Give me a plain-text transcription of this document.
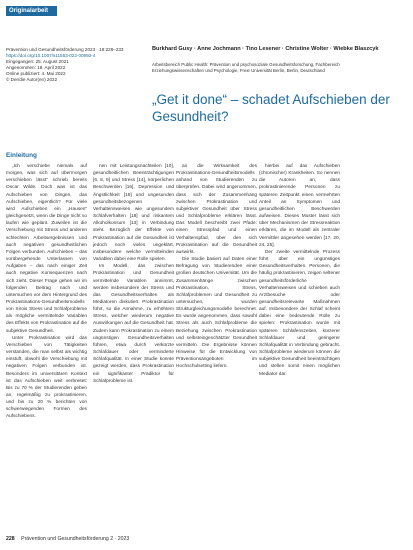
Originalarbeit
Prävention und Gesundheitsförderung 2023 · 18:228–233
https://doi.org/10.1007/s11553-022-00950-4
Eingegangen: 25. August 2021
Angenommen: 18. April 2022
Online publiziert: 4. Mai 2022
© Der/die Autor(en) 2022
Burkhard Gusy · Anne Jochmann · Tino Lesener · Christine Wolter · Wiebke Blaszcyk
Arbeitsbereich Public Health: Prävention und psychosoziale Gesundheitsforschung, Fachbereich Erziehungswissenschaften und Psychologie, Freie Universität Berlin, Berlin, Deutschland
„Get it done“ – schadet Aufschieben der Gesundheit?
Einleitung

„Ich verschiebe niemals auf morgen, was sich auf übermorgen verschieben lässt“ schrieb bereits Oscar Wilde. Doch was ist das Aufschieben von Dingen, das Aufschieben, eigentlich? Für viele wird Aufschieben ein „Hausen“ gleichgesetzt, wenn die Dinge nicht so laufen wie geplant. Zuweilen ist die Verschiebung mit Stress und anderen schlechten Arbeitsergebnissen und auch negativen gesundheitlichen Folgen verbunden. Aufschieben – das vorübergehende Unterlassen von Aufgaben – das nach einiger Zeit auch negative Konsequenzen nach sich zieht. Dieser Frage gehen wir im folgenden Beitrag nach und untersuchen vor dem Hintergrund des Prokrastinations-Gesundheitsmodells von Sirois Stress und Schlafprobleme als mögliche vermittelnde Variablen des Effekts von Prokrastination auf die subjektive Gesundheit.

Unter Prokrastination wird das Verschieben von Tätigkeiten verstanden, die man selbst als wichtig einstuft, obwohl die Verschiebung mit negativen Folgen verbunden ist. Besonders im universitären Kontext ist das Aufschieben weit verbreitet: Bis zu 70 % der Studierenden geben an, regelmäßig zu prokrastinieren, und bis zu 20 % berichten von schwerwiegenden Formen des Aufschiebens.

nen mit Leistungsnachteilen [10], gesundheitlichen Beeinträchtigungen [6, 8, 9] und Stress [14], körperlichen Beschwerden [16], Depression und Ängstlichkeit [19] und ungesunden gesundheitsbezogenen Verhaltensweisen wie ungesundem Schlafverhalten [18] und riskantem Alkoholkonsum [13] in Verbindung steht. Bezüglich der Effekte von Prokrastination auf die Gesundheit ist jedoch noch vieles ungeklärt, insbesondere welche vermittelnden Variablen dabei eine Rolle spielen.

Im Modell, das zwischen Prokrastination und Gesundheit vermittelnde Variablen annimmt, werden insbesondere der Stress und das Gesundheitsverhalten als Mediatoren diskutiert. Prokrastination führt, so die Annahme, zu erhöhtem Stress, welcher wiederum negative Auswirkungen auf die Gesundheit hat. Zudem kann Prokrastination zu einem ungünstigen Gesundheitsverhalten führen, etwa durch verkürzte Schlafdauer oder verminderte Schlafqualität. In einer Studie konnte gezeigt werden, dass Prokrastination ein signifikanter Prädiktor für Schlafprobleme ist.

an die Wirksamkeit des Prokrastinations-Gesundheitsmodells anhand von Studierenden zu überprüfen. Dabei wird angenommen, dass sich der Zusammenhang zwischen Prokrastination und subjektiver Gesundheit über Stress und Schlafprobleme erklären lässt. Das Modell beschreibt zwei Pfade: einen Stresspfad und einen Verhaltenspfad, über den sich Prokrastination auf die Gesundheit auswirkt.

Die Studie basiert auf Daten einer Befragung von Studierenden einer großen deutschen Universität. Um die Zusammenhänge zwischen Prokrastination, Stress, Schlafproblemen und Gesundheit zu untersuchen, wurden Strukturgleichungsmodelle berechnet. Es wurde angenommen, dass sowohl Stress als auch Schlafprobleme die Beziehung zwischen Prokrastination und selbsteingeschätzter Gesundheit vermitteln. Die Ergebnisse können Hinweise für die Entwicklung von Präventionsangeboten im Hochschulsetting liefern.

hierbei auf das Aufschieben (chronischer) Krankheiten. So nennen die Autoren an, dass prokrastinierende Personen zu späteren Zeitpunkt einen vermehrten Anteil an Symptomen und gesundheitlichen Beschwerden aufweisen. Dieses Muster lässt sich über Mechanismen der Stressreaktion erklären, die im Modell als zentraler Vermittler angesehen werden [17, 20, 24, 25].

Der zweite vermittelnde Prozess führt über ein ungünstiges Gesundheitsverhalten. Personen, die häufig prokrastinieren, zeigen seltener gesundheitsförderliche Verhaltensweisen und schieben auch Arztbesuche oder gesundheitsrelevante Maßnahmen auf. Insbesondere der Schlaf scheint dabei eine bedeutende Rolle zu spielen: Prokrastination wurde mit späteren Schlafenszeiten, kürzerer Schlafdauer und geringerer Schlafqualität in Verbindung gebracht. Schlafprobleme wiederum können die subjektive Gesundheit beeinträchtigen und stellen somit einen möglichen Mediator dar.

228 Prävention und Gesundheitsförderung 2 · 2023
